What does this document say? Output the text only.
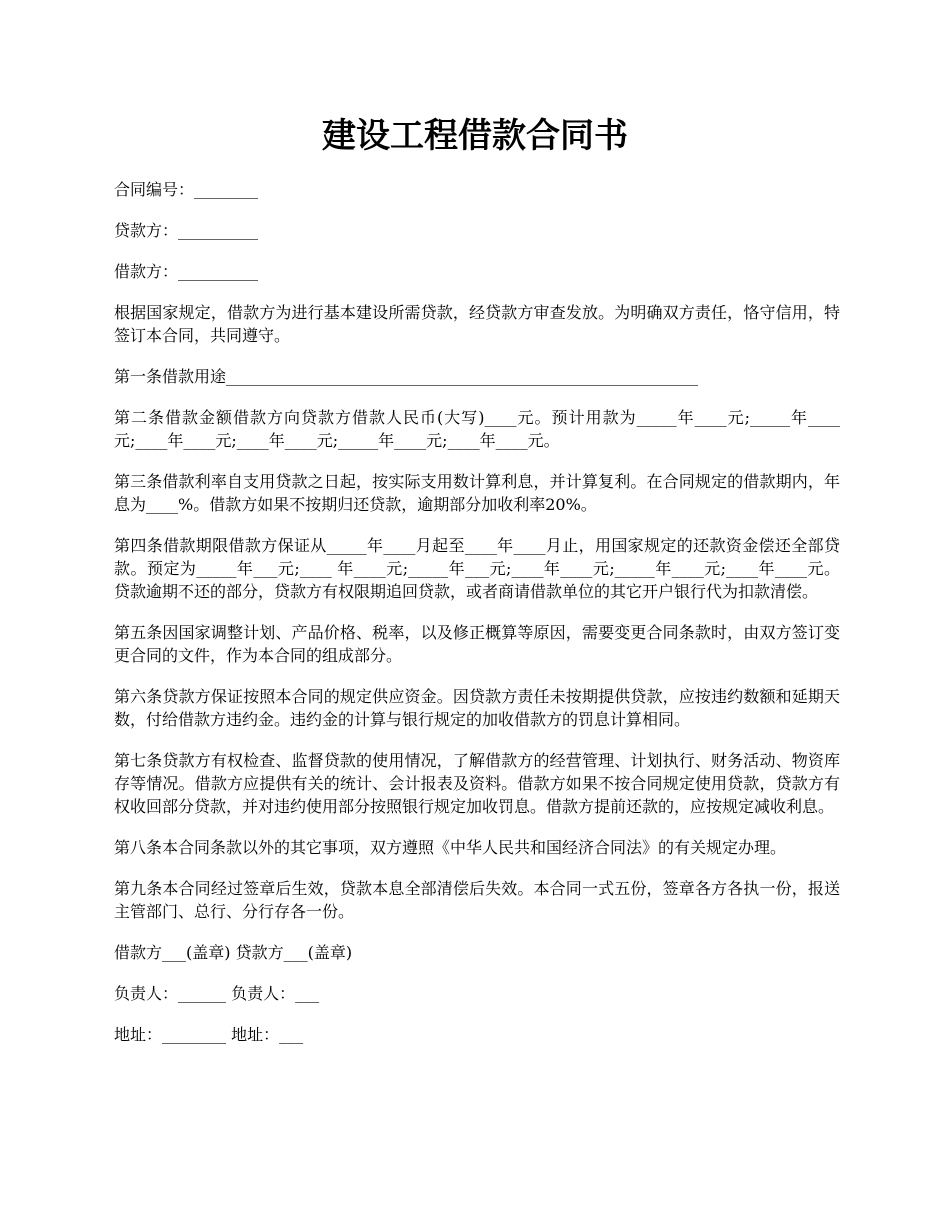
建设工程借款合同书

合同编号：________

贷款方：__________

借款方：__________

根据国家规定，借款方为进行基本建设所需贷款，经贷款方审查发放。为明确双方责任，恪守信用，特签订本合同，共同遵守。

第一条借款用途___________________________________________________________

第二条借款金额借款方向贷款方借款人民币(大写)____元。预计用款为_____年____元;_____年____元;____年____元;____年____元;_____年____元;____年____元。

第三条借款利率自支用贷款之日起，按实际支用数计算利息，并计算复利。在合同规定的借款期内，年息为____%。借款方如果不按期归还贷款，逾期部分加收利率20%。

第四条借款期限借款方保证从_____年____月起至____年____月止，用国家规定的还款资金偿还全部贷款。预定为_____年___元;____ 年____元;_____年___元;____年____元;_____年____元;____年____元。贷款逾期不还的部分，贷款方有权限期追回贷款，或者商请借款单位的其它开户银行代为扣款清偿。

第五条因国家调整计划、产品价格、税率，以及修正概算等原因，需要变更合同条款时，由双方签订变更合同的文件，作为本合同的组成部分。

第六条贷款方保证按照本合同的规定供应资金。因贷款方责任未按期提供贷款，应按违约数额和延期天数，付给借款方违约金。违约金的计算与银行规定的加收借款方的罚息计算相同。

第七条贷款方有权检查、监督贷款的使用情况，了解借款方的经营管理、计划执行、财务活动、物资库存等情况。借款方应提供有关的统计、会计报表及资料。借款方如果不按合同规定使用贷款，贷款方有权收回部分贷款，并对违约使用部分按照银行规定加收罚息。借款方提前还款的，应按规定减收利息。

第八条本合同条款以外的其它事项，双方遵照《中华人民共和国经济合同法》的有关规定办理。

第九条本合同经过签章后生效，贷款本息全部清偿后失效。本合同一式五份，签章各方各执一份，报送主管部门、总行、分行存各一份。

借款方___(盖章) 贷款方___(盖章)

负责人：______ 负责人：___

地址：________ 地址：___
